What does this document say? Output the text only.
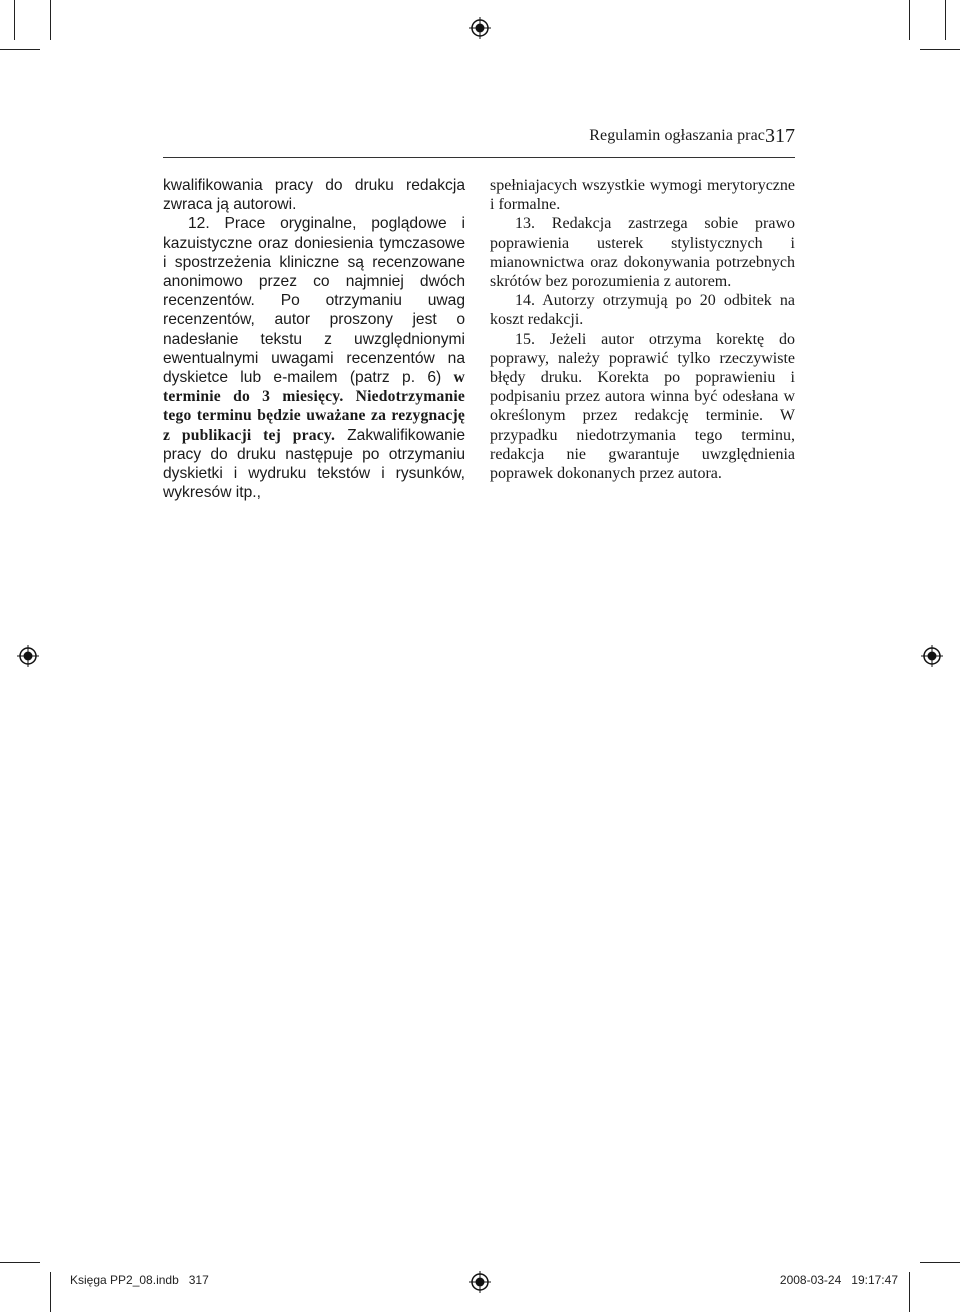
Regulamin ogłaszania prac 317

kwalifikowania pracy do druku redakcja zwraca ją autorowi.

12. Prace oryginalne, poglądowe i kazuistyczne oraz doniesienia tymczasowe i spostrzeżenia kliniczne są recenzowane anonimowo przez co najmniej dwóch recenzentów. Po otrzymaniu uwag recenzentów, autor proszony jest o nadesłanie tekstu z uwzględnionymi ewentualnymi uwagami recenzentów na dyskietce lub e-mailem (patrz p. 6) w terminie do 3 miesięcy. Niedotrzymanie tego terminu będzie uważane za rezygnację z publikacji tej pracy. Zakwalifikowanie pracy do druku następuje po otrzymaniu dyskietki i wydruku tekstów i rysunków, wykresów itp.,

spełniajacych wszystkie wymogi merytoryczne i formalne.

13. Redakcja zastrzega sobie prawo poprawienia usterek stylistycznych i mianownictwa oraz dokonywania potrzebnych skrótów bez porozumienia z autorem.

14. Autorzy otrzymują po 20 odbitek na koszt redakcji.

15. Jeżeli autor otrzyma korektę do poprawy, należy poprawić tylko rzeczywiste błędy druku. Korekta po poprawieniu i podpisaniu przez autora winna być odesłana w określonym przez redakcję terminie. W przypadku niedotrzymania tego terminu, redakcja nie gwarantuje uwzględnienia poprawek dokonanych przez autora.

Księga PP2_08.indb   317	2008-03-24   19:17:47
